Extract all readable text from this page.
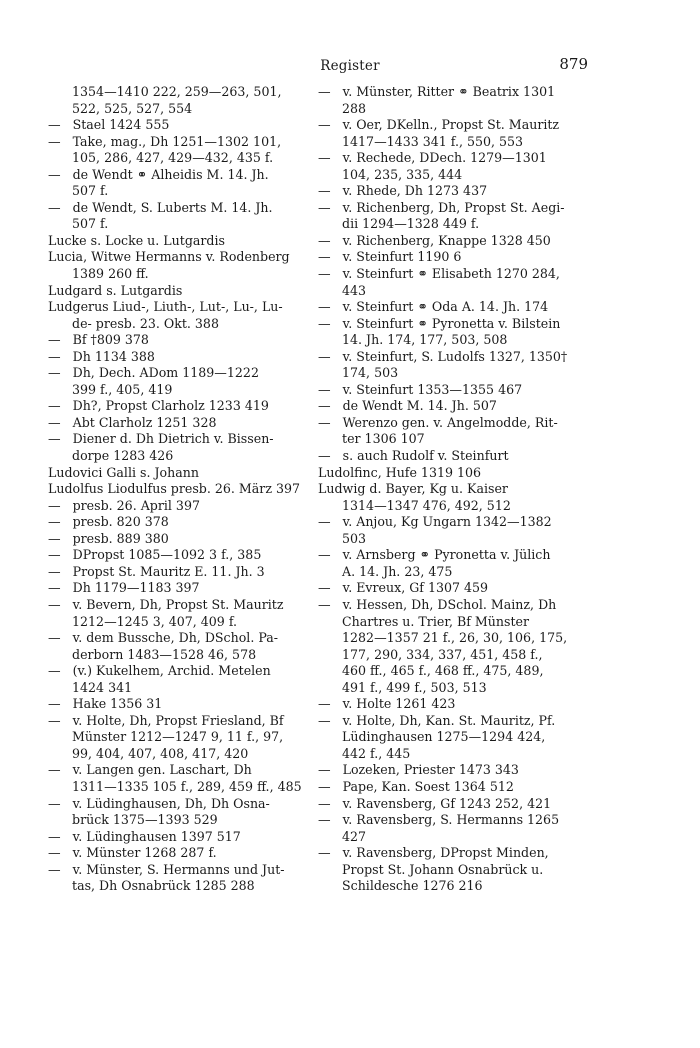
Register	879
1354—1410 222, 259—263, 501,
522, 525, 527, 554
—   Stael 1424 555
—   Take, mag., Dh 1251—1302 101,
105, 286, 427, 429—432, 435 f.
—   de Wendt ⚭ Alheidis M. 14. Jh.
507 f.
—   de Wendt, S. Luberts M. 14. Jh.
507 f.
Lucke s. Locke u. Lutgardis
Lucia, Witwe Hermanns v. Rodenberg
1389 260 ff.
Ludgard s. Lutgardis
Ludgerus Liud-, Liuth-, Lut-, Lu-, Lu-
de- presb. 23. Okt. 388
—   Bf †809 378
—   Dh 1134 388
—   Dh, Dech. ADom 1189—1222
399 f., 405, 419
—   Dh?, Propst Clarholz 1233 419
—   Abt Clarholz 1251 328
—   Diener d. Dh Dietrich v. Bissen-
dorpe 1283 426
Ludovici Galli s. Johann
Ludolfus Liodulfus presb. 26. März 397
—   presb. 26. April 397
—   presb. 820 378
—   presb. 889 380
—   DPropst 1085—1092 3 f., 385
—   Propst St. Mauritz E. 11. Jh. 3
—   Dh 1179—1183 397
—   v. Bevern, Dh, Propst St. Mauritz
1212—1245 3, 407, 409 f.
—   v. dem Bussche, Dh, DSchol. Pa-
derborn 1483—1528 46, 578
—   (v.) Kukelhem, Archid. Metelen
1424 341
—   Hake 1356 31
—   v. Holte, Dh, Propst Friesland, Bf
Münster 1212—1247 9, 11 f., 97,
99, 404, 407, 408, 417, 420
—   v. Langen gen. Laschart, Dh
1311—1335 105 f., 289, 459 ff., 485
—   v. Lüdinghausen, Dh, Dh Osna-
brück 1375—1393 529
—   v. Lüdinghausen 1397 517
—   v. Münster 1268 287 f.
—   v. Münster, S. Hermanns und Jut-
tas, Dh Osnabrück 1285 288
—   v. Münster, Ritter ⚭ Beatrix 1301
288
—   v. Oer, DKelln., Propst St. Mauritz
1417—1433 341 f., 550, 553
—   v. Rechede, DDech. 1279—1301
104, 235, 335, 444
—   v. Rhede, Dh 1273 437
—   v. Richenberg, Dh, Propst St. Aegi-
dii 1294—1328 449 f.
—   v. Richenberg, Knappe 1328 450
—   v. Steinfurt 1190 6
—   v. Steinfurt ⚭ Elisabeth 1270 284,
443
—   v. Steinfurt ⚭ Oda A. 14. Jh. 174
—   v. Steinfurt ⚭ Pyronetta v. Bilstein
14. Jh. 174, 177, 503, 508
—   v. Steinfurt, S. Ludolfs 1327, 1350†
174, 503
—   v. Steinfurt 1353—1355 467
—   de Wendt M. 14. Jh. 507
—   Werenzo gen. v. Angelmodde, Rit-
ter 1306 107
—   s. auch Rudolf v. Steinfurt
Ludolfinc, Hufe 1319 106
Ludwig d. Bayer, Kg u. Kaiser
1314—1347 476, 492, 512
—   v. Anjou, Kg Ungarn 1342—1382
503
—   v. Arnsberg ⚭ Pyronetta v. Jülich
A. 14. Jh. 23, 475
—   v. Evreux, Gf 1307 459
—   v. Hessen, Dh, DSchol. Mainz, Dh
Chartres u. Trier, Bf Münster
1282—1357 21 f., 26, 30, 106, 175,
177, 290, 334, 337, 451, 458 f.,
460 ff., 465 f., 468 ff., 475, 489,
491 f., 499 f., 503, 513
—   v. Holte 1261 423
—   v. Holte, Dh, Kan. St. Mauritz, Pf.
Lüdinghausen 1275—1294 424,
442 f., 445
—   Lozeken, Priester 1473 343
—   Pape, Kan. Soest 1364 512
—   v. Ravensberg, Gf 1243 252, 421
—   v. Ravensberg, S. Hermanns 1265
427
—   v. Ravensberg, DPropst Minden,
Propst St. Johann Osnabrück u.
Schildesche 1276 216
